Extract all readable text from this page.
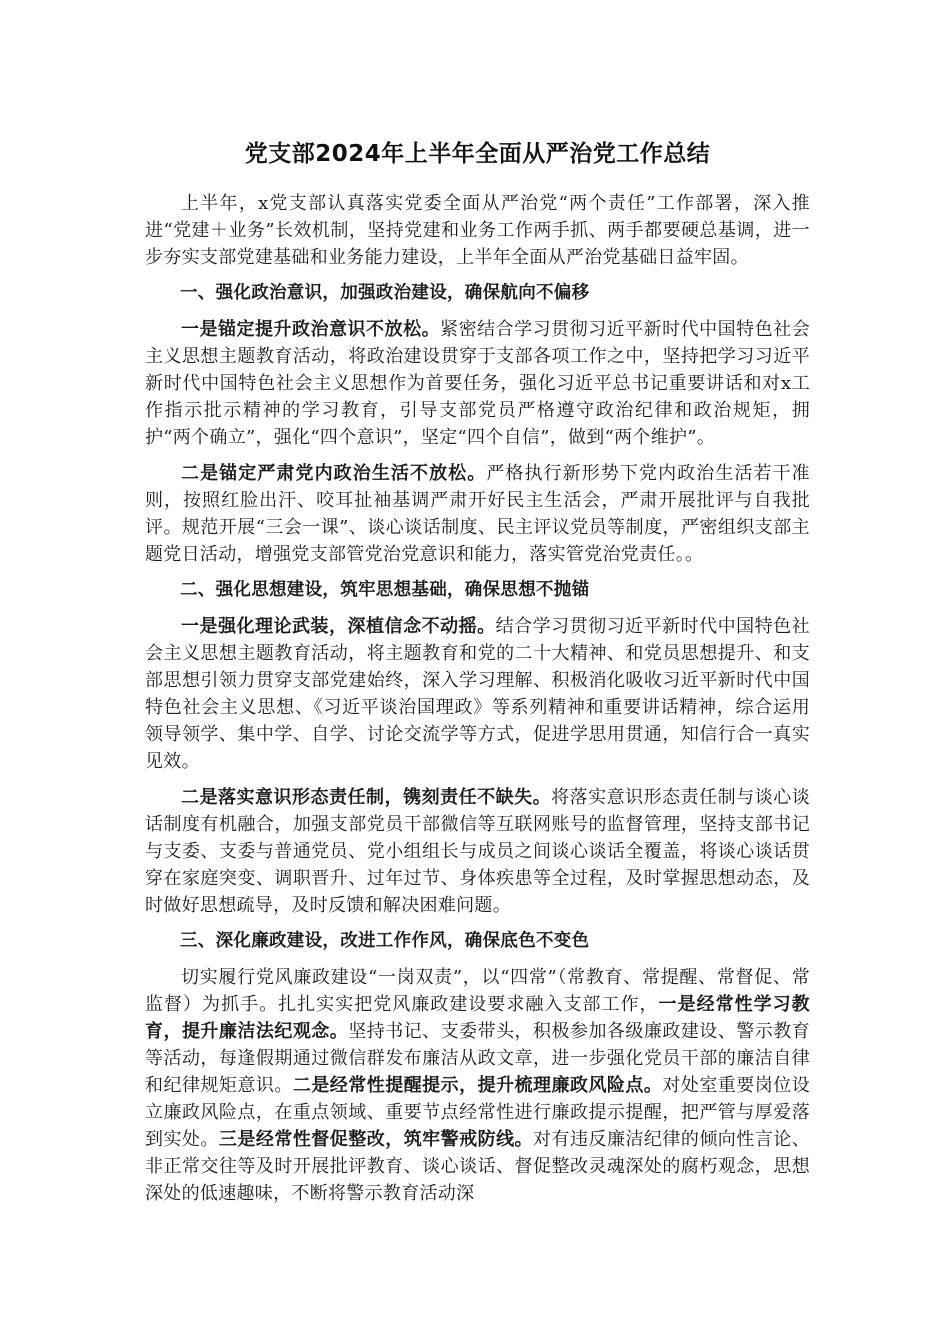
党支部2024年上半年全面从严治党工作总结

上半年，x党支部认真落实党委全面从严治党“两个责任”工作部署，深入推进“党建＋业务”长效机制，坚持党建和业务工作两手抓、两手都要硬总基调，进一步夯实支部党建基础和业务能力建设，上半年全面从严治党基础日益牢固。

一、强化政治意识，加强政治建设，确保航向不偏移

一是锚定提升政治意识不放松。紧密结合学习贯彻习近平新时代中国特色社会主义思想主题教育活动，将政治建设贯穿于支部各项工作之中，坚持把学习习近平新时代中国特色社会主义思想作为首要任务，强化习近平总书记重要讲话和对x工作指示批示精神的学习教育，引导支部党员严格遵守政治纪律和政治规矩，拥护“两个确立”，强化“四个意识”，坚定“四个自信”，做到“两个维护”。

二是锚定严肃党内政治生活不放松。严格执行新形势下党内政治生活若干准则，按照红脸出汗、咬耳扯袖基调严肃开好民主生活会，严肃开展批评与自我批评。规范开展“三会一课”、谈心谈话制度、民主评议党员等制度，严密组织支部主题党日活动，增强党支部管党治党意识和能力，落实管党治党责任。。

二、强化思想建设，筑牢思想基础，确保思想不抛锚

一是强化理论武装，深植信念不动摇。结合学习贯彻习近平新时代中国特色社会主义思想主题教育活动，将主题教育和党的二十大精神、和党员思想提升、和支部思想引领力贯穿支部党建始终，深入学习理解、积极消化吸收习近平新时代中国特色社会主义思想、《习近平谈治国理政》等系列精神和重要讲话精神，综合运用领导领学、集中学、自学、讨论交流学等方式，促进学思用贯通，知信行合一真实见效。

二是落实意识形态责任制，镌刻责任不缺失。将落实意识形态责任制与谈心谈话制度有机融合，加强支部党员干部微信等互联网账号的监督管理，坚持支部书记与支委、支委与普通党员、党小组组长与成员之间谈心谈话全覆盖，将谈心谈话贯穿在家庭突变、调职晋升、过年过节、身体疾患等全过程，及时掌握思想动态，及时做好思想疏导，及时反馈和解决困难问题。

三、深化廉政建设，改进工作作风，确保底色不变色

切实履行党风廉政建设“一岗双责”，以“四常”（常教育、常提醒、常督促、常监督）为抓手。扎扎实实把党风廉政建设要求融入支部工作，一是经常性学习教育，提升廉洁法纪观念。坚持书记、支委带头，积极参加各级廉政建设、警示教育等活动，每逢假期通过微信群发布廉洁从政文章，进一步强化党员干部的廉洁自律和纪律规矩意识。二是经常性提醒提示，提升梳理廉政风险点。对处室重要岗位设立廉政风险点，在重点领域、重要节点经常性进行廉政提示提醒，把严管与厚爱落到实处。三是经常性督促整改，筑牢警戒防线。对有违反廉洁纪律的倾向性言论、非正常交往等及时开展批评教育、谈心谈话、督促整改灵魂深处的腐朽观念，思想深处的低速趣味，不断将警示教育活动深
